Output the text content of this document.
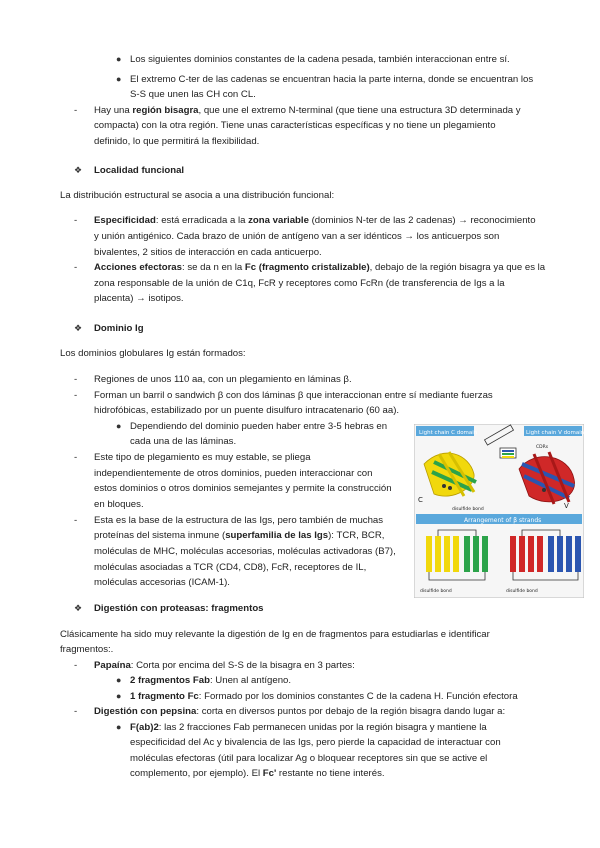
● Los siguientes dominios constantes de la cadena pesada, también interaccionan entre sí.

● El extremo C-ter de las cadenas se encuentran hacia la parte interna, donde se encuentran los

S-S que unen las CH con CL.

- Hay una región bisagra, que une el extremo N-terminal (que tiene una estructura 3D determinada y

compacta) con la otra región. Tiene unas características específicas y no tiene un plegamiento

definido, lo que permitirá la flexibilidad.

❖ Localidad funcional

La distribución estructural se asocia a una distribución funcional:

- Especificidad: está erradicada a la zona variable (dominios N-ter de las 2 cadenas) → reconocimiento

y unión antigénico. Cada brazo de unión de antígeno van a ser idénticos → los anticuerpos son

bivalentes, 2 sitios de interacción en cada anticuerpo.

- Acciones efectoras: se da n en la Fc (fragmento cristalizable), debajo de la región bisagra ya que es la

zona responsable de la unión de C1q, FcR y receptores como FcRn (de transferencia de Igs a la

placenta) → isotipos.

❖ Dominio Ig

Los dominios globulares Ig están formados:

- Regiones de unos 110 aa, con un plegamiento en láminas β.

- Forman un barril o sandwich β con dos láminas β que interaccionan entre sí mediante fuerzas

hidrofóbicas, estabilizado por un puente disulfuro intracatenario (60 aa).

● Dependiendo del dominio pueden haber entre 3-5 hebras en

cada una de las láminas.

- Este tipo de plegamiento es muy estable, se pliega

independientemente de otros dominios, pueden interaccionar con

estos dominios o otros dominios semejantes y permite la construcción

en bloques.

- Esta es la base de la estructura de las Igs, pero también de muchas

proteínas del sistema inmune (superfamilia de las Igs): TCR, BCR,

moléculas de MHC, moléculas accesorias, moléculas activadoras (B7),

moléculas asociadas a TCR (CD4, CD8), FcR, receptores de IL,

moléculas accesorias (ICAM-1).

Light chain C domain	Light chain V domain
C
disulfide bond	V
CDRs
Arrangement of β strands
disulfide bond	disulfide bond
❖ Digestión con proteasas: fragmentos

Clásicamente ha sido muy relevante la digestión de Ig en de fragmentos para estudiarlas e identificar

fragmentos:.

- Papaína: Corta por encima del S-S de la bisagra en 3 partes:

● 2 fragmentos Fab: Unen al antígeno.

● 1 fragmento Fc: Formado por los dominios constantes C de la cadena H. Función efectora

- Digestión con pepsina: corta en diversos puntos por debajo de la región bisagra dando lugar a:

● F(ab)2: las 2 fracciones Fab permanecen unidas por la región bisagra y mantiene la

especificidad del Ac y bivalencia de las Igs, pero pierde la capacidad de interactuar con

moléculas efectoras (útil para localizar Ag o bloquear receptores sin que se active el

complemento, por ejemplo). El Fc' restante no tiene interés.
